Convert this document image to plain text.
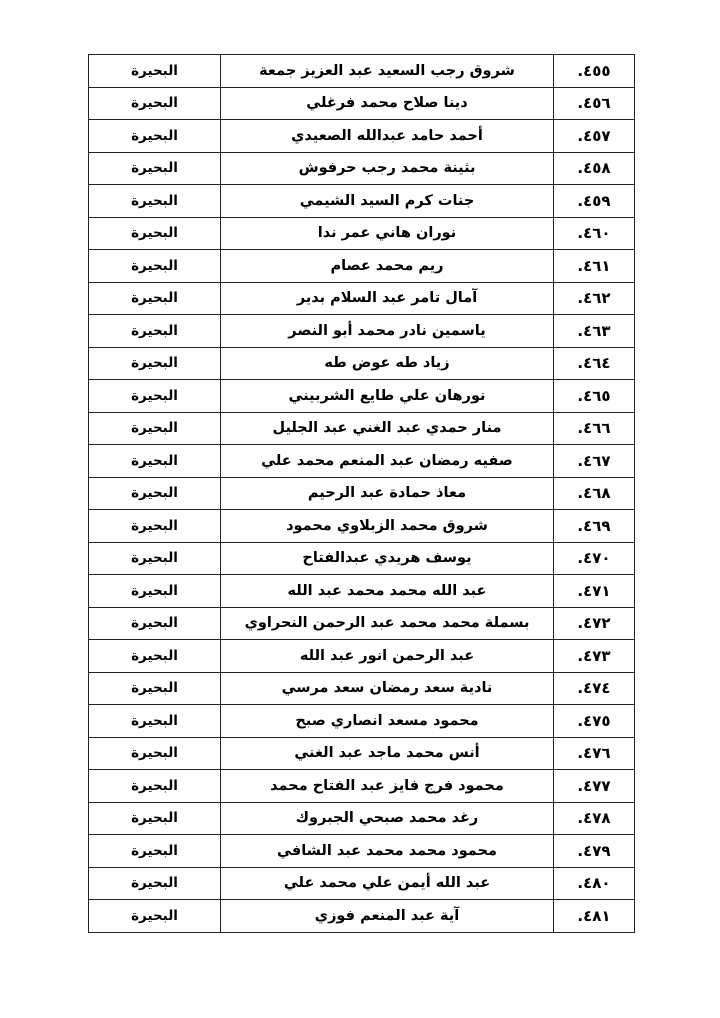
٤٥٥.	شروق رجب السعيد عبد العزيز جمعة	البحيرة
٤٥٦.	دينا صلاح محمد فرغلي	البحيرة
٤٥٧.	أحمد حامد عبدالله الصعيدي	البحيرة
٤٥٨.	بثينة محمد رجب حرفوش	البحيرة
٤٥٩.	جنات كرم السيد الشيمي	البحيرة
٤٦٠.	نوران هاني عمر ندا	البحيرة
٤٦١.	ريم محمد عصام	البحيرة
٤٦٢.	آمال تامر عبد السلام بدير	البحيرة
٤٦٣.	ياسمين نادر محمد أبو النصر	البحيرة
٤٦٤.	زياد طه عوض طه	البحيرة
٤٦٥.	نورهان علي طايع الشربيني	البحيرة
٤٦٦.	منار حمدي عبد الغني عبد الجليل	البحيرة
٤٦٧.	صفيه رمضان عبد المنعم محمد علي	البحيرة
٤٦٨.	معاذ حمادة عبد الرحيم	البحيرة
٤٦٩.	شروق محمد الزبلاوي محمود	البحيرة
٤٧٠.	يوسف هريدي عبدالفتاح	البحيرة
٤٧١.	عبد الله محمد محمد عبد الله	البحيرة
٤٧٢.	بسملة محمد محمد عبد الرحمن النحراوي	البحيرة
٤٧٣.	عبد الرحمن انور عبد الله	البحيرة
٤٧٤.	نادية سعد رمضان سعد مرسي	البحيرة
٤٧٥.	محمود مسعد انصاري صبح	البحيرة
٤٧٦.	أنس محمد ماجد عبد الغني	البحيرة
٤٧٧.	محمود فرج فايز عبد الفتاح محمد	البحيرة
٤٧٨.	رغد محمد صبحي الجبروك	البحيرة
٤٧٩.	محمود محمد محمد عبد الشافي	البحيرة
٤٨٠.	عبد الله أيمن علي محمد علي	البحيرة
٤٨١.	آية عبد المنعم فوزي	البحيرة
